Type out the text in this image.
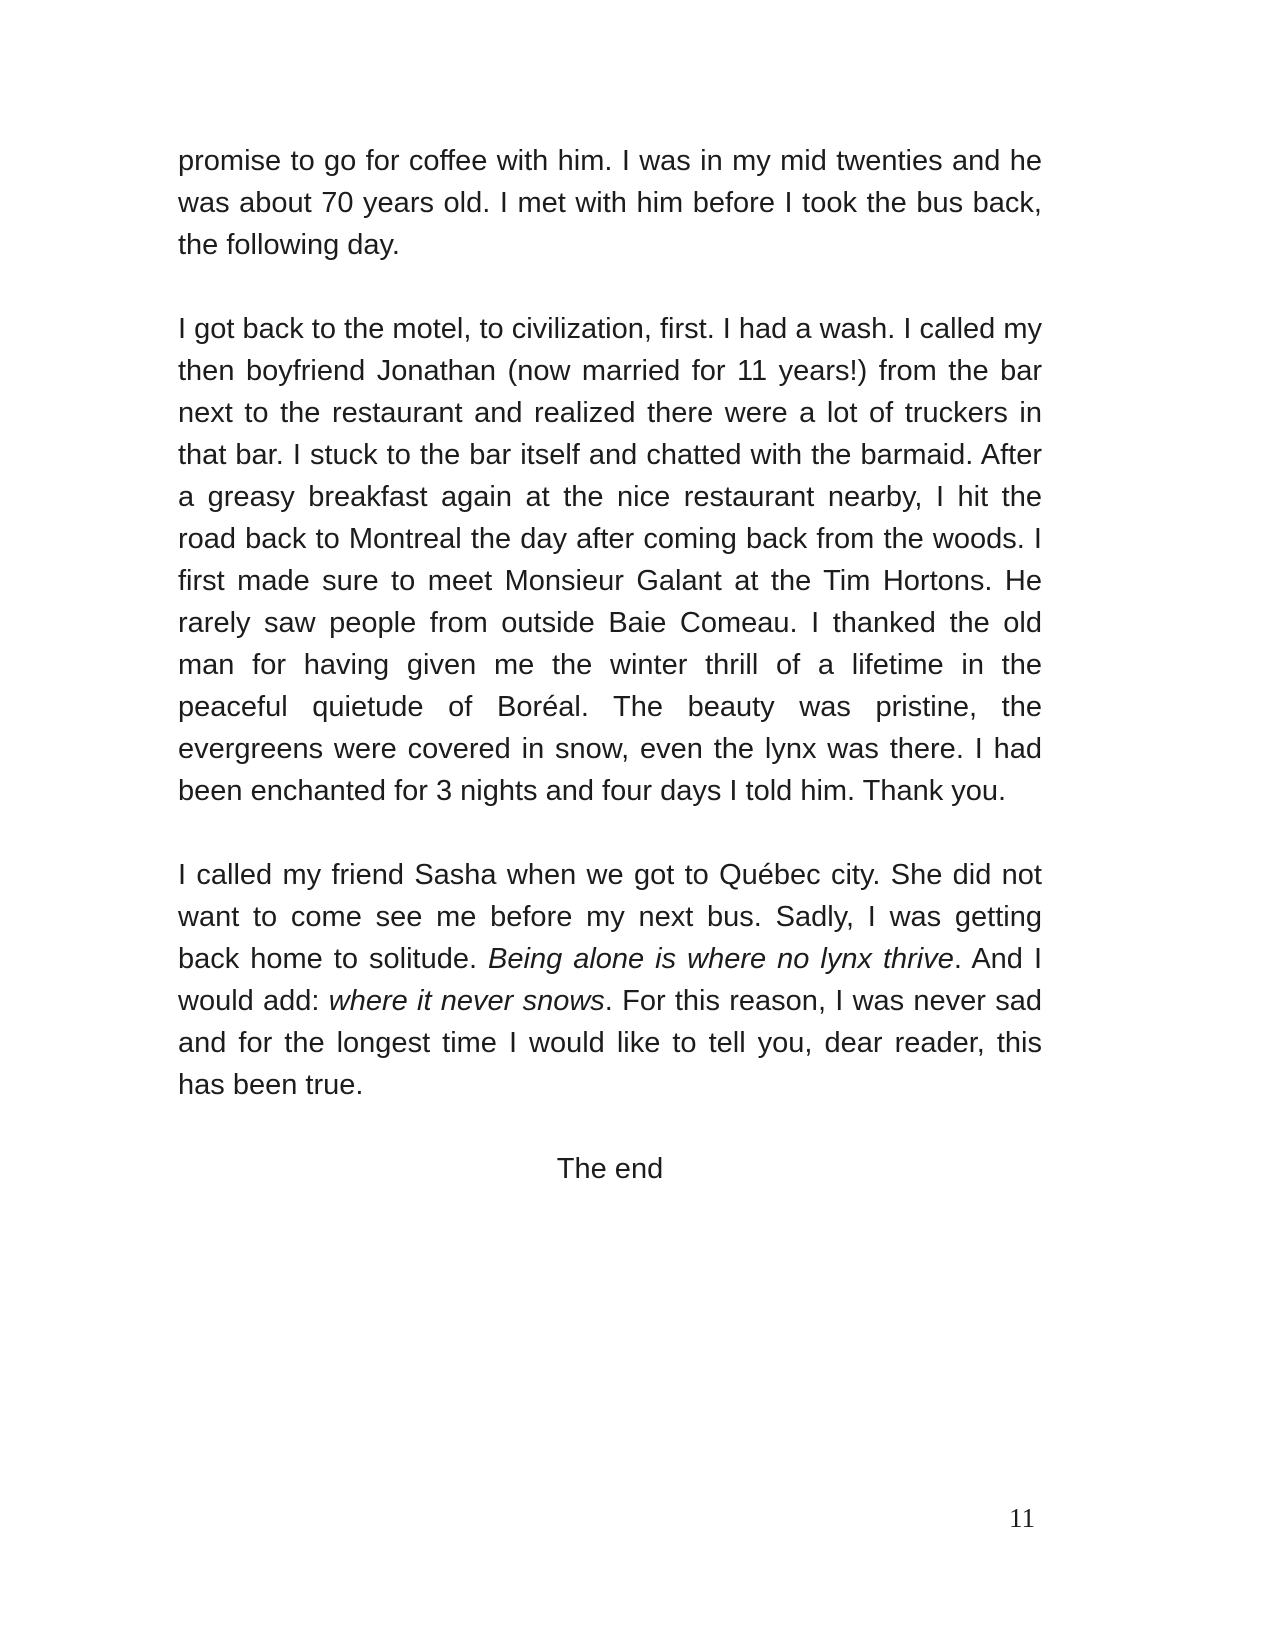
promise to go for coffee with him. I was in my mid twenties and he was about 70 years old. I met with him before I took the bus back, the following day.

I got back to the motel, to civilization, first. I had a wash. I called my then boyfriend Jonathan (now married for 11 years!) from the bar next to the restaurant and realized there were a lot of truckers in that bar. I stuck to the bar itself and chatted with the barmaid. After a greasy breakfast again at the nice restaurant nearby, I hit the road back to Montreal the day after coming back from the woods. I first made sure to meet Monsieur Galant at the Tim Hortons. He rarely saw people from outside Baie Comeau. I thanked the old man for having given me the winter thrill of a lifetime in the peaceful quietude of Boréal. The beauty was pristine, the evergreens were covered in snow, even the lynx was there. I had been enchanted for 3 nights and four days I told him. Thank you.

I called my friend Sasha when we got to Québec city. She did not want to come see me before my next bus. Sadly, I was getting back home to solitude. Being alone is where no lynx thrive. And I would add: where it never snows. For this reason, I was never sad and for the longest time I would like to tell you, dear reader, this has been true.

The end

11
